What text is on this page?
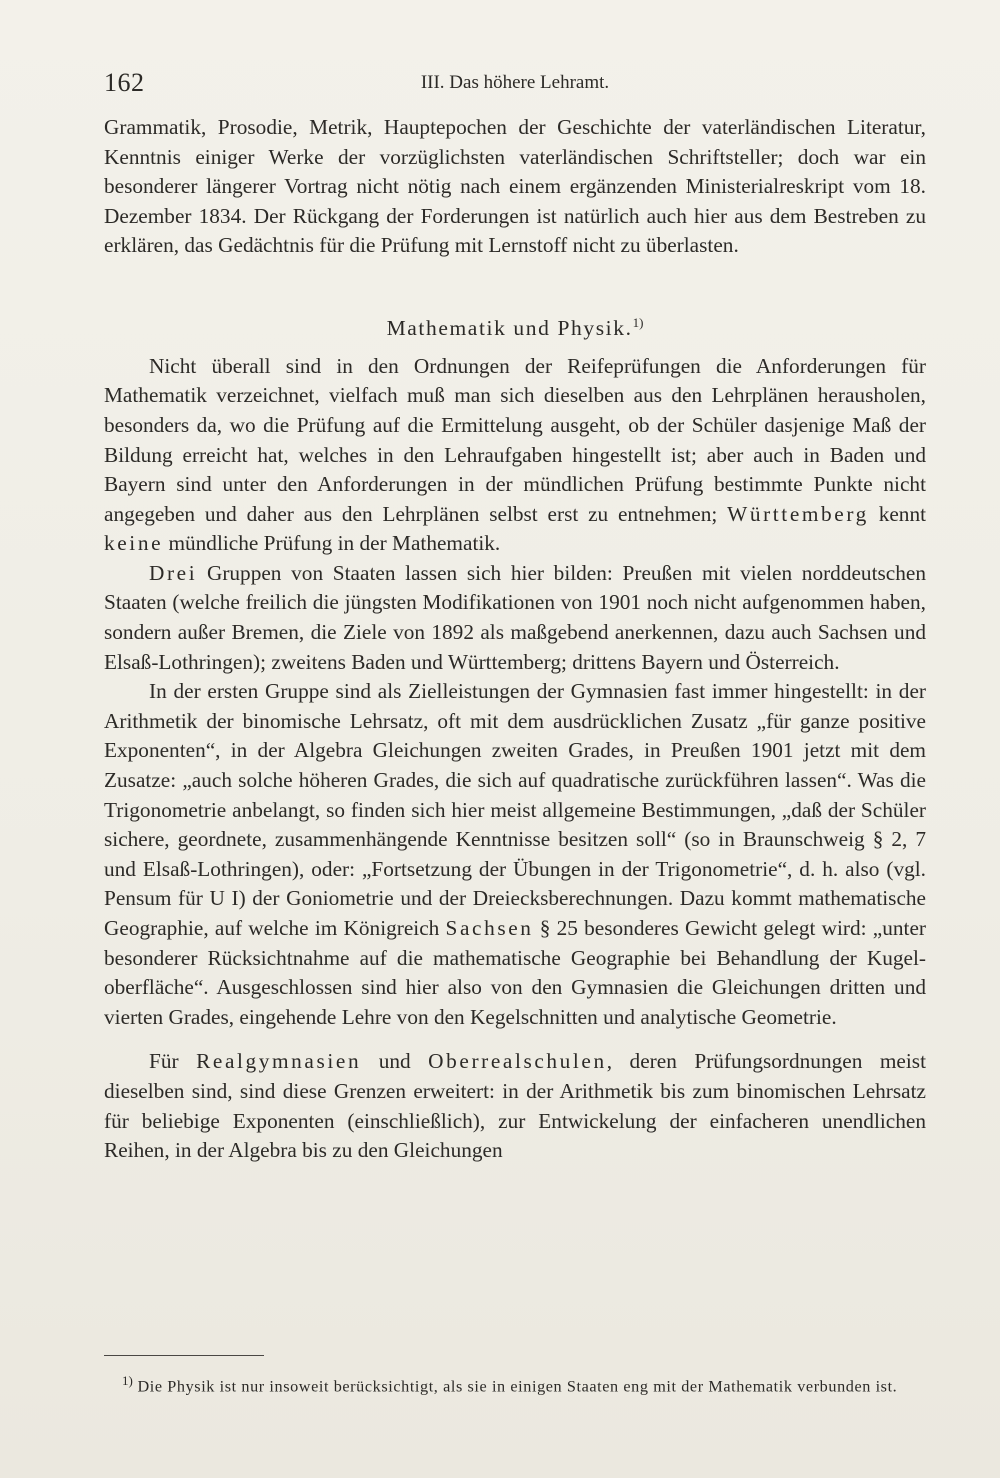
162	III. Das höhere Lehramt.

Grammatik, Prosodie, Metrik, Hauptepochen der Geschichte der vaterländischen Literatur, Kenntnis einiger Werke der vorzüglichsten vaterländischen Schriftsteller; doch war ein besonderer längerer Vortrag nicht nötig nach einem ergänzenden Ministerialreskript vom 18. Dezember 1834. Der Rückgang der Forderungen ist natürlich auch hier aus dem Bestreben zu erklären, das Gedächtnis für die Prüfung mit Lernstoff nicht zu überlasten.

Mathematik und Physik.$^{1)}$

Nicht überall sind in den Ordnungen der Reifeprüfungen die Anforderungen für Mathematik verzeichnet, vielfach muß man sich dieselben aus den Lehrplänen herausholen, besonders da, wo die Prüfung auf die Ermittelung ausgeht, ob der Schüler dasjenige Maß der Bildung erreicht hat, welches in den Lehraufgaben hingestellt ist; aber auch in Baden und Bayern sind unter den Anforderungen in der mündlichen Prüfung bestimmte Punkte nicht angegeben und daher aus den Lehrplänen selbst erst zu entnehmen; Württemberg kennt keine mündliche Prüfung in der Mathematik.

Drei Gruppen von Staaten lassen sich hier bilden: Preußen mit vielen norddeutschen Staaten (welche freilich die jüngsten Modifikationen von 1901 noch nicht aufgenommen haben, sondern außer Bremen, die Ziele von 1892 als maßgebend anerkennen, dazu auch Sachsen und Elsaß-Lothringen); zweitens Baden und Württemberg; drittens Bayern und Österreich.

In der ersten Gruppe sind als Zielleistungen der Gymnasien fast immer hingestellt: in der Arithmetik der binomische Lehrsatz, oft mit dem ausdrücklichen Zusatz „für ganze positive Exponenten“, in der Algebra Gleichungen zweiten Grades, in Preußen 1901 jetzt mit dem Zusatze: „auch solche höheren Grades, die sich auf quadratische zurückführen lassen“. Was die Trigonometrie anbelangt, so finden sich hier meist allgemeine Bestimmungen, „daß der Schüler sichere, geordnete, zusammenhängende Kenntnisse besitzen soll“ (so in Braunschweig § 2, 7 und Elsaß-Lothringen), oder: „Fortsetzung der Übungen in der Trigonometrie“, d. h. also (vgl. Pensum für U I) der Goniometrie und der Dreiecksberechnungen. Dazu kommt mathematische Geographie, auf welche im Königreich Sachsen § 25 besonderes Gewicht gelegt wird: „unter besonderer Rücksichtnahme auf die mathematische Geographie bei Behandlung der Kugeloberfläche“. Ausgeschlossen sind hier also von den Gymnasien die Gleichungen dritten und vierten Grades, eingehende Lehre von den Kegelschnitten und analytische Geometrie.

Für Realgymnasien und Oberrealschulen, deren Prüfungsordnungen meist dieselben sind, sind diese Grenzen erweitert: in der Arithmetik bis zum binomischen Lehrsatz für beliebige Exponenten (einschließlich), zur Entwickelung der einfacheren unendlichen Reihen, in der Algebra bis zu den Gleichungen

$^{1)}$ Die Physik ist nur insoweit berücksichtigt, als sie in einigen Staaten eng mit der Mathematik verbunden ist.
